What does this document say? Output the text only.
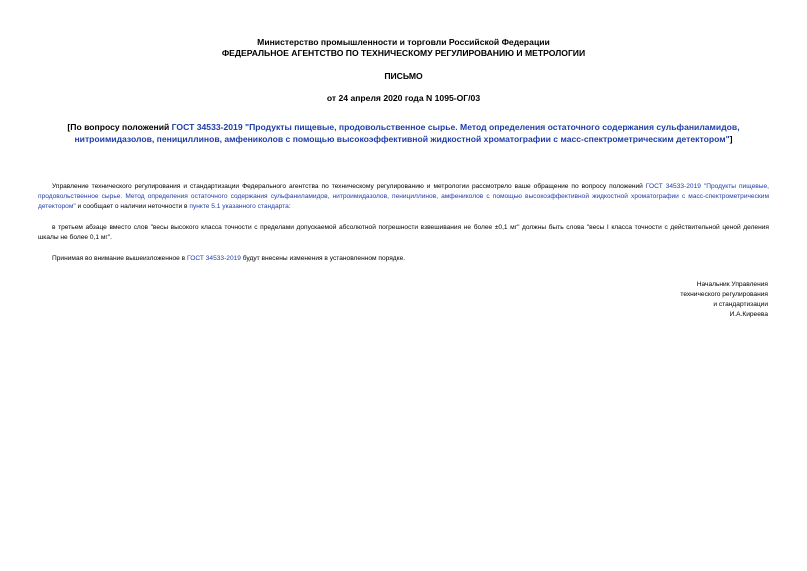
Министерство промышленности и торговли Российской Федерации
ФЕДЕРАЛЬНОЕ АГЕНТСТВО ПО ТЕХНИЧЕСКОМУ РЕГУЛИРОВАНИЮ И МЕТРОЛОГИИ
ПИСЬМО
от 24 апреля 2020 года N 1095-ОГ/03
[По вопросу положений ГОСТ 34533-2019 "Продукты пищевые, продовольственное сырье. Метод определения остаточного содержания сульфаниламидов, нитроимидазолов, пенициллинов, амфениколов с помощью высокоэффективной жидкостной хроматографии с масс-спектрометрическим детектором"]

Управление технического регулирования и стандартизации Федерального агентства по техническому регулированию и метрологии рассмотрело ваше обращение по вопросу положений ГОСТ 34533-2019 "Продукты пищевые, продовольственное сырье. Метод определения остаточного содержания сульфаниламидов, нитроимидазолов, пенициллинов, амфениколов с помощью высокоэффективной жидкостной хроматографии с масс-спектрометрическим детектором" и сообщает о наличии неточности в пункте 5.1 указанного стандарта:

в третьем абзаце вместо слов "весы высокого класса точности с пределами допускаемой абсолютной погрешности взвешивания не более ±0,1 мг" должны быть слова "весы I класса точности с действительной ценой деления шкалы не более 0,1 мг".

Принимая во внимание вышеизложенное в ГОСТ 34533-2019 будут внесены изменения в установленном порядке.

Начальник Управления
технического регулирования
и стандартизации
И.А.Киреева
